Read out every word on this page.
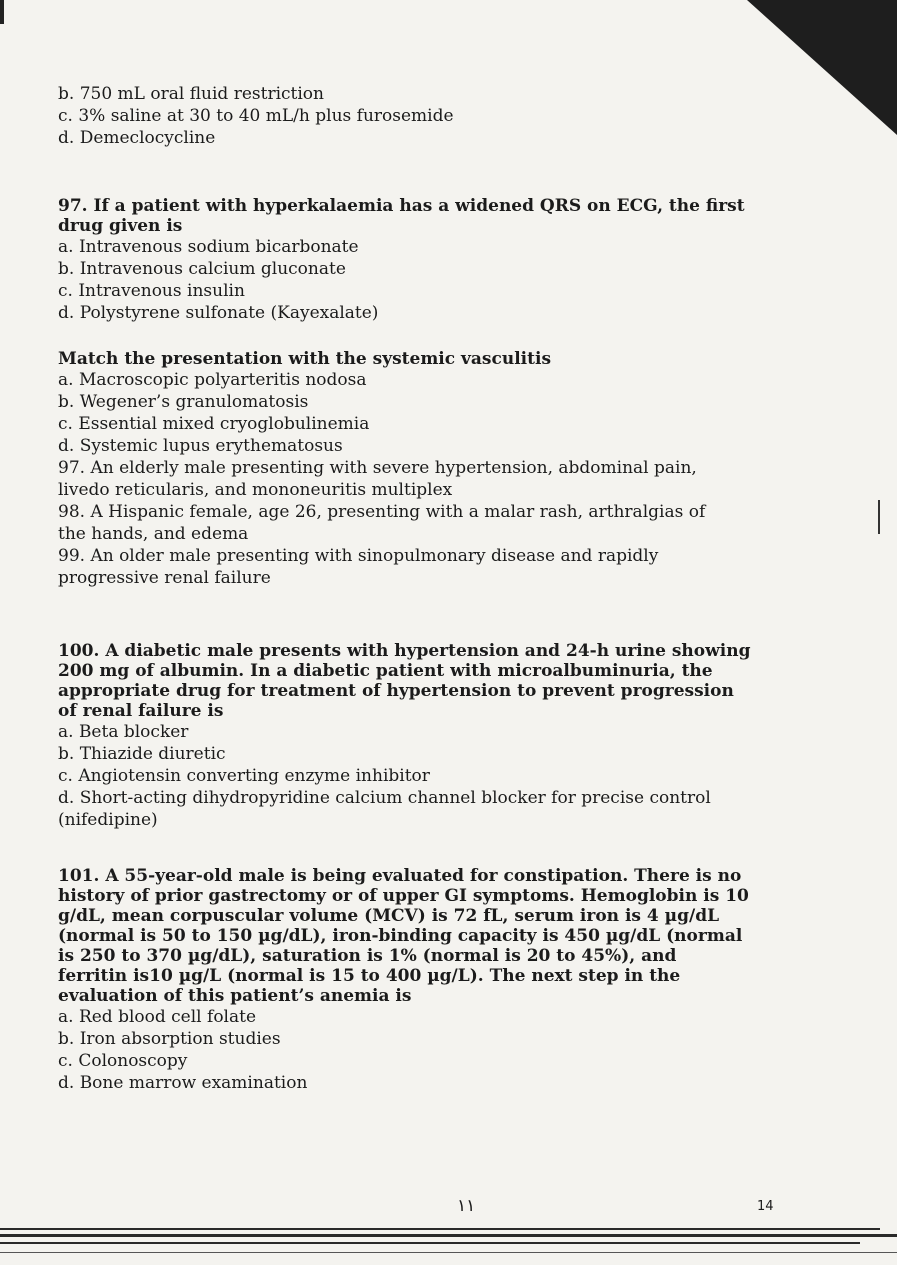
b. 750 mL oral fluid restriction
c. 3% saline at 30 to 40 mL/h plus furosemide
d. Demeclocycline
97. If a patient with hyperkalaemia has a widened QRS on ECG, the first
drug given is
a. Intravenous sodium bicarbonate
b. Intravenous calcium gluconate
c. Intravenous insulin
d. Polystyrene sulfonate (Kayexalate)
Match the presentation with the systemic vasculitis
a. Macroscopic polyarteritis nodosa
b. Wegener’s granulomatosis
c. Essential mixed cryoglobulinemia
d. Systemic lupus erythematosus
97. An elderly male presenting with severe hypertension, abdominal pain,
livedo reticularis, and mononeuritis multiplex
98. A Hispanic female, age 26, presenting with a malar rash, arthralgias of
the hands, and edema
99. An older male presenting with sinopulmonary disease and rapidly
progressive renal failure
100. A diabetic male presents with hypertension and 24-h urine showing
200 mg of albumin. In a diabetic patient with microalbuminuria, the
appropriate drug for treatment of hypertension to prevent progression
of renal failure is
a. Beta blocker
b. Thiazide diuretic
c. Angiotensin converting enzyme inhibitor
d. Short-acting dihydropyridine calcium channel blocker for precise control
(nifedipine)
101. A 55-year-old male is being evaluated for constipation. There is no
history of prior gastrectomy or of upper GI symptoms. Hemoglobin is 10
g/dL, mean corpuscular volume (MCV) is 72 fL, serum iron is 4 µg/dL
(normal is 50 to 150 µg/dL), iron-binding capacity is 450 µg/dL (normal
is 250 to 370 µg/dL), saturation is 1% (normal is 20 to 45%), and
ferritin is10 µg/L (normal is 15 to 400 µg/L). The next step in the
evaluation of this patient’s anemia is
a. Red blood cell folate
b. Iron absorption studies
c. Colonoscopy
d. Bone marrow examination
١١	14
